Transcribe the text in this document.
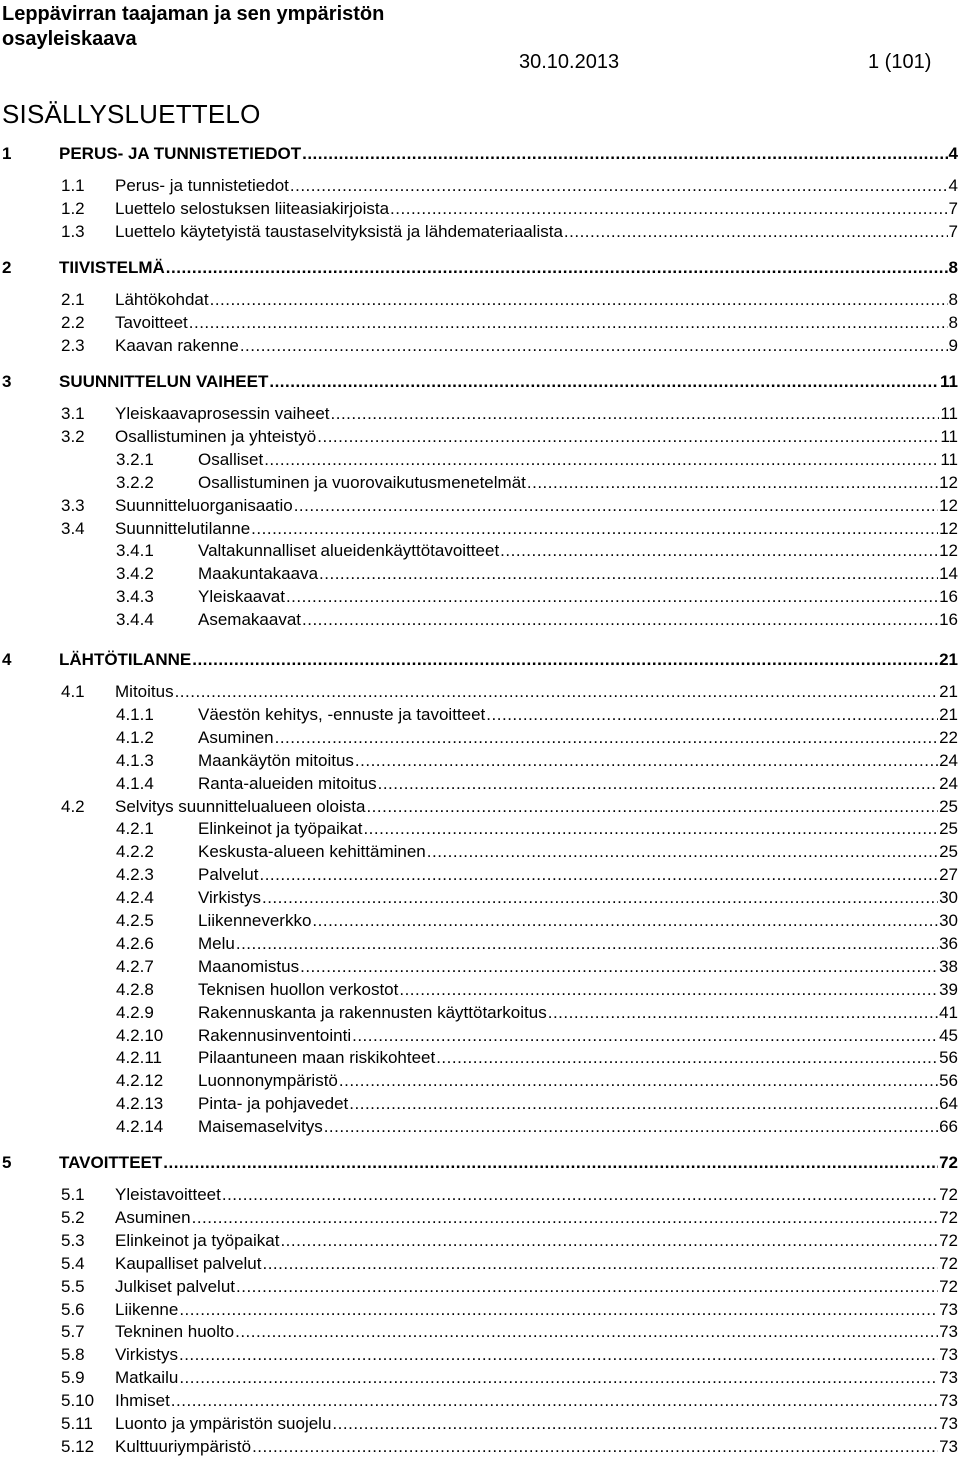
Leppävirran taajaman ja sen ympäristön
osayleiskaava
30.10.2013	1 (101)
SISÄLLYSLUETTELO
1	PERUS- JA TUNNISTETIEDOT .....	4
1.1	Perus- ja tunnistetiedot .....	4
1.2	Luettelo selostuksen liiteasiakirjoista .....	7
1.3	Luettelo käytetyistä taustaselvityksistä ja lähdemateriaalista .....	7
2	TIIVISTELMÄ .....	8
2.1	Lähtökohdat .....	8
2.2	Tavoitteet .....	8
2.3	Kaavan rakenne .....	9
3	SUUNNITTELUN VAIHEET .....	11
3.1	Yleiskaavaprosessin vaiheet .....	11
3.2	Osallistuminen ja yhteistyö .....	11
3.2.1	Osalliset .....	11
3.2.2	Osallistuminen ja vuorovaikutusmenetelmät .....	12
3.3	Suunnitteluorganisaatio .....	12
3.4	Suunnittelutilanne .....	12
3.4.1	Valtakunnalliset alueidenkäyttötavoitteet .....	12
3.4.2	Maakuntakaava .....	14
3.4.3	Yleiskaavat .....	16
3.4.4	Asemakaavat .....	16
4	LÄHTÖTILANNE .....	21
4.1	Mitoitus .....	21
4.1.1	Väestön kehitys, -ennuste ja tavoitteet .....	21
4.1.2	Asuminen .....	22
4.1.3	Maankäytön mitoitus .....	24
4.1.4	Ranta-alueiden mitoitus .....	24
4.2	Selvitys suunnittelualueen oloista .....	25
4.2.1	Elinkeinot ja työpaikat .....	25
4.2.2	Keskusta-alueen kehittäminen .....	25
4.2.3	Palvelut .....	27
4.2.4	Virkistys .....	30
4.2.5	Liikenneverkko .....	30
4.2.6	Melu .....	36
4.2.7	Maanomistus .....	38
4.2.8	Teknisen huollon verkostot .....	39
4.2.9	Rakennuskanta ja rakennusten käyttötarkoitus .....	41
4.2.10	Rakennusinventointi .....	45
4.2.11	Pilaantuneen maan riskikohteet .....	56
4.2.12	Luonnonympäristö .....	56
4.2.13	Pinta- ja pohjavedet .....	64
4.2.14	Maisemaselvitys .....	66
5	TAVOITTEET .....	72
5.1	Yleistavoitteet .....	72
5.2	Asuminen .....	72
5.3	Elinkeinot ja työpaikat .....	72
5.4	Kaupalliset palvelut .....	72
5.5	Julkiset palvelut .....	72
5.6	Liikenne .....	73
5.7	Tekninen huolto .....	73
5.8	Virkistys .....	73
5.9	Matkailu .....	73
5.10	Ihmiset .....	73
5.11	Luonto ja ympäristön suojelu .....	73
5.12	Kulttuuriympäristö .....	73
